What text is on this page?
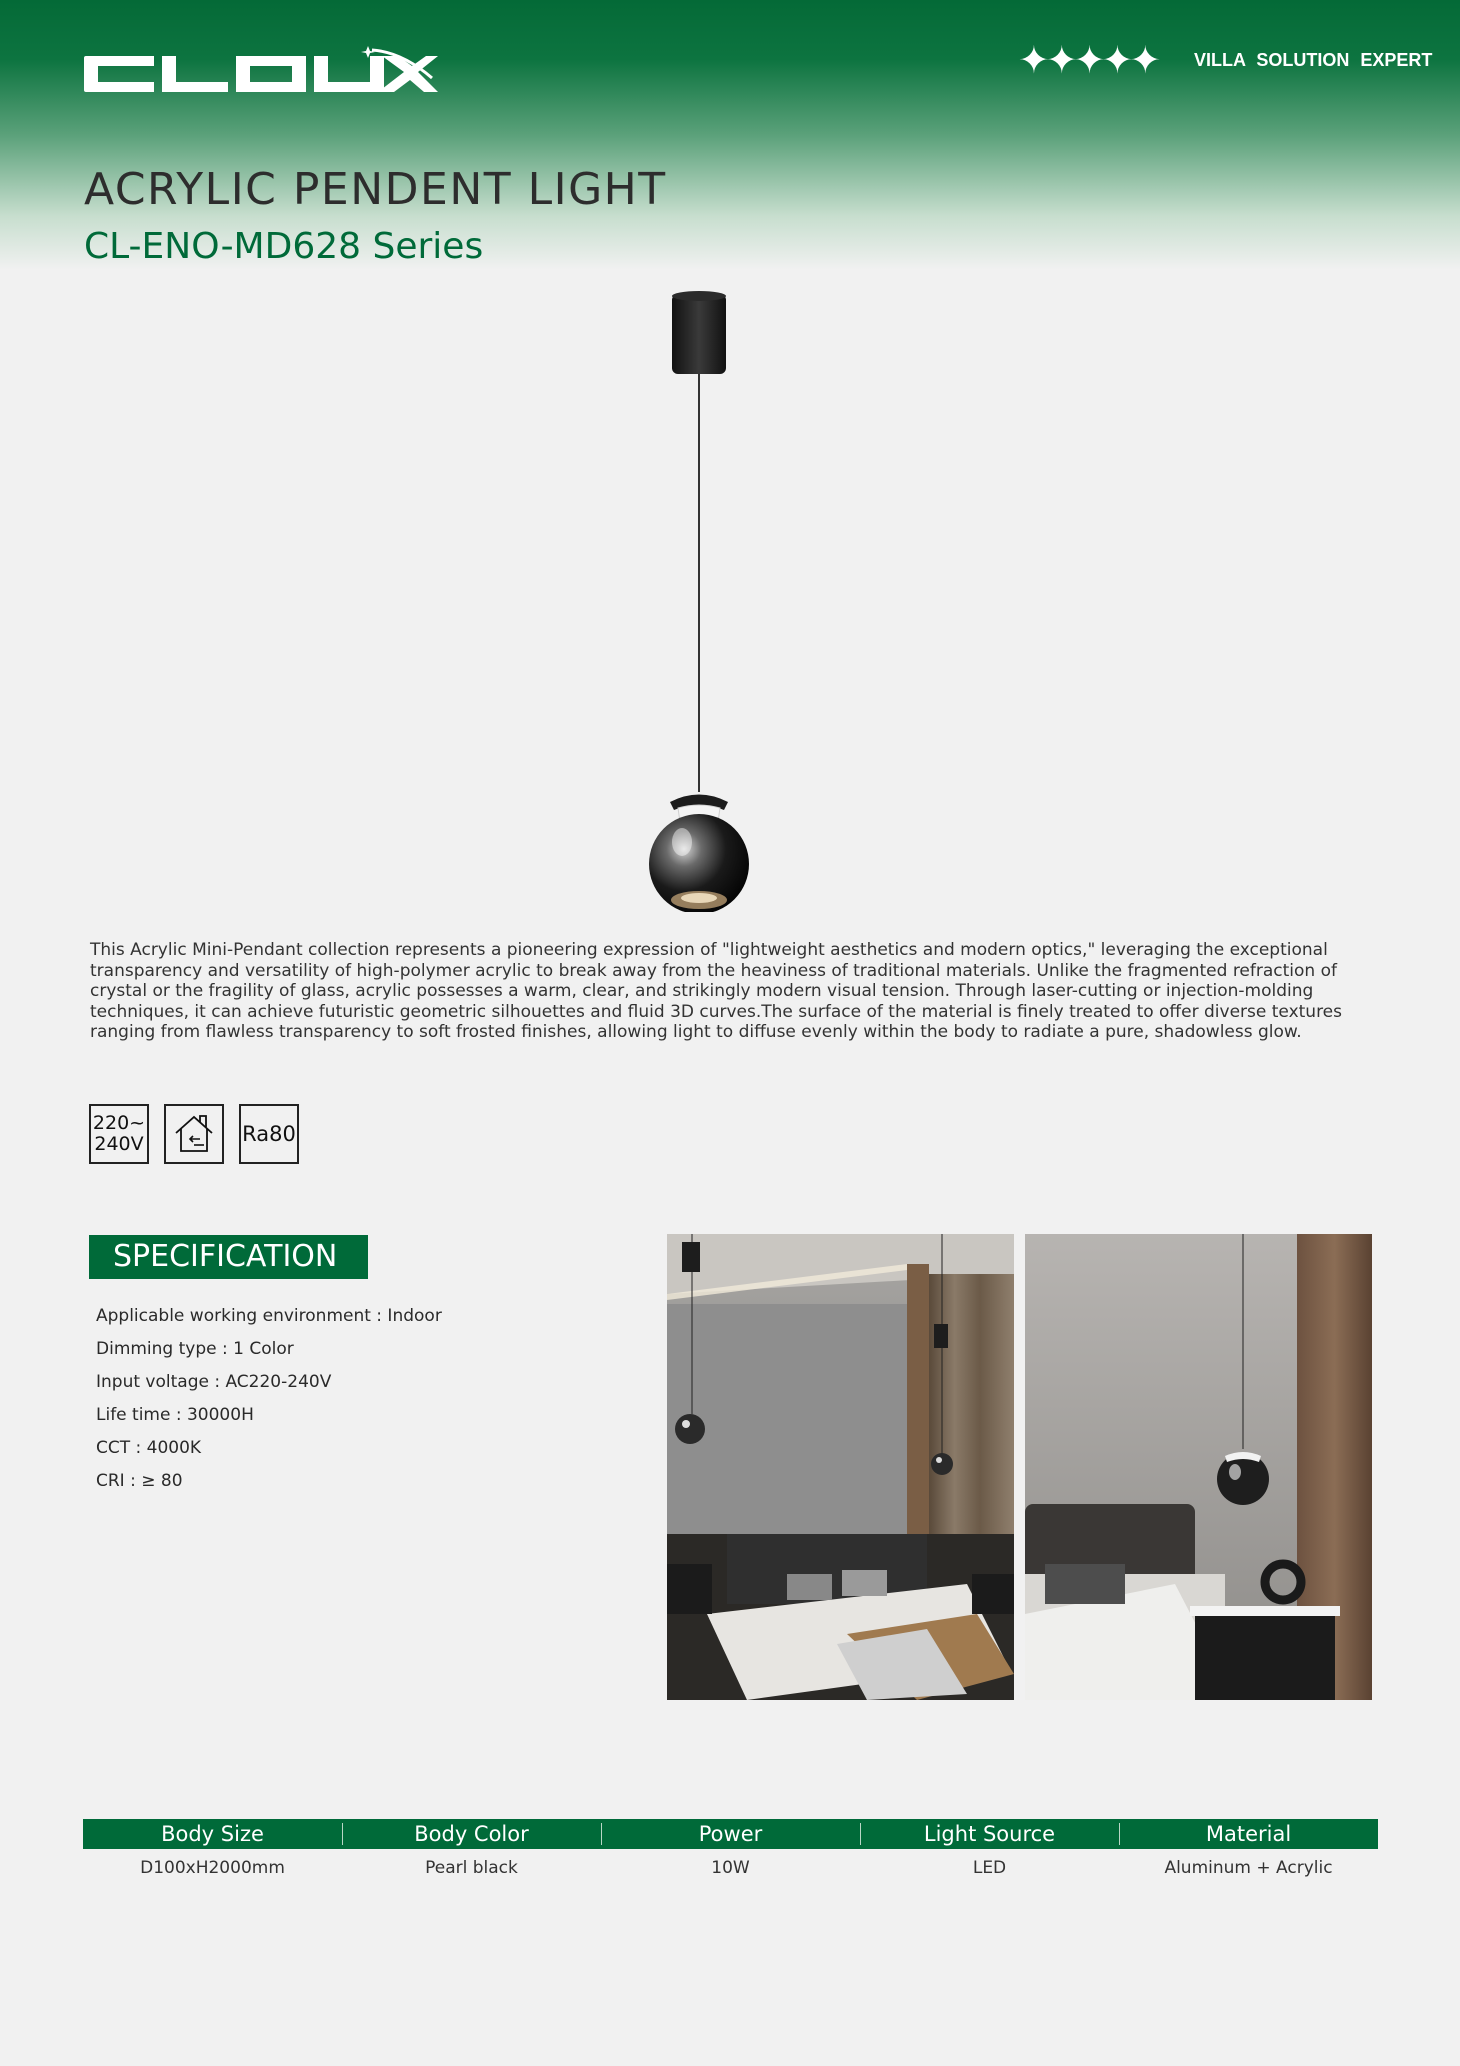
✦✦✦✦✦ VILLA SOLUTION EXPERT
ACRYLIC PENDENT LIGHT
CL-ENO-MD628 Series

This Acrylic Mini-Pendant collection represents a pioneering expression of "lightweight aesthetics and modern optics," leveraging the exceptional transparency and versatility of high-polymer acrylic to break away from the heaviness of traditional materials. Unlike the fragmented refraction of crystal or the fragility of glass, acrylic possesses a warm, clear, and strikingly modern visual tension. Through laser-cutting or injection-molding techniques, it can achieve futuristic geometric silhouettes and fluid 3D curves.The surface of the material is finely treated to offer diverse textures ranging from flawless transparency to soft frosted finishes, allowing light to diffuse evenly within the body to radiate a pure, shadowless glow.

220~
240V	Ra80
SPECIFICATION
Applicable working environment : Indoor
Dimming type : 1 Color
Input voltage : AC220-240V
Life time : 30000H
CCT : 4000K
CRI : ≥ 80
Body Size	Body Color	Power	Light Source	Material
D100xH2000mm	Pearl black	10W	LED	Aluminum + Acrylic
